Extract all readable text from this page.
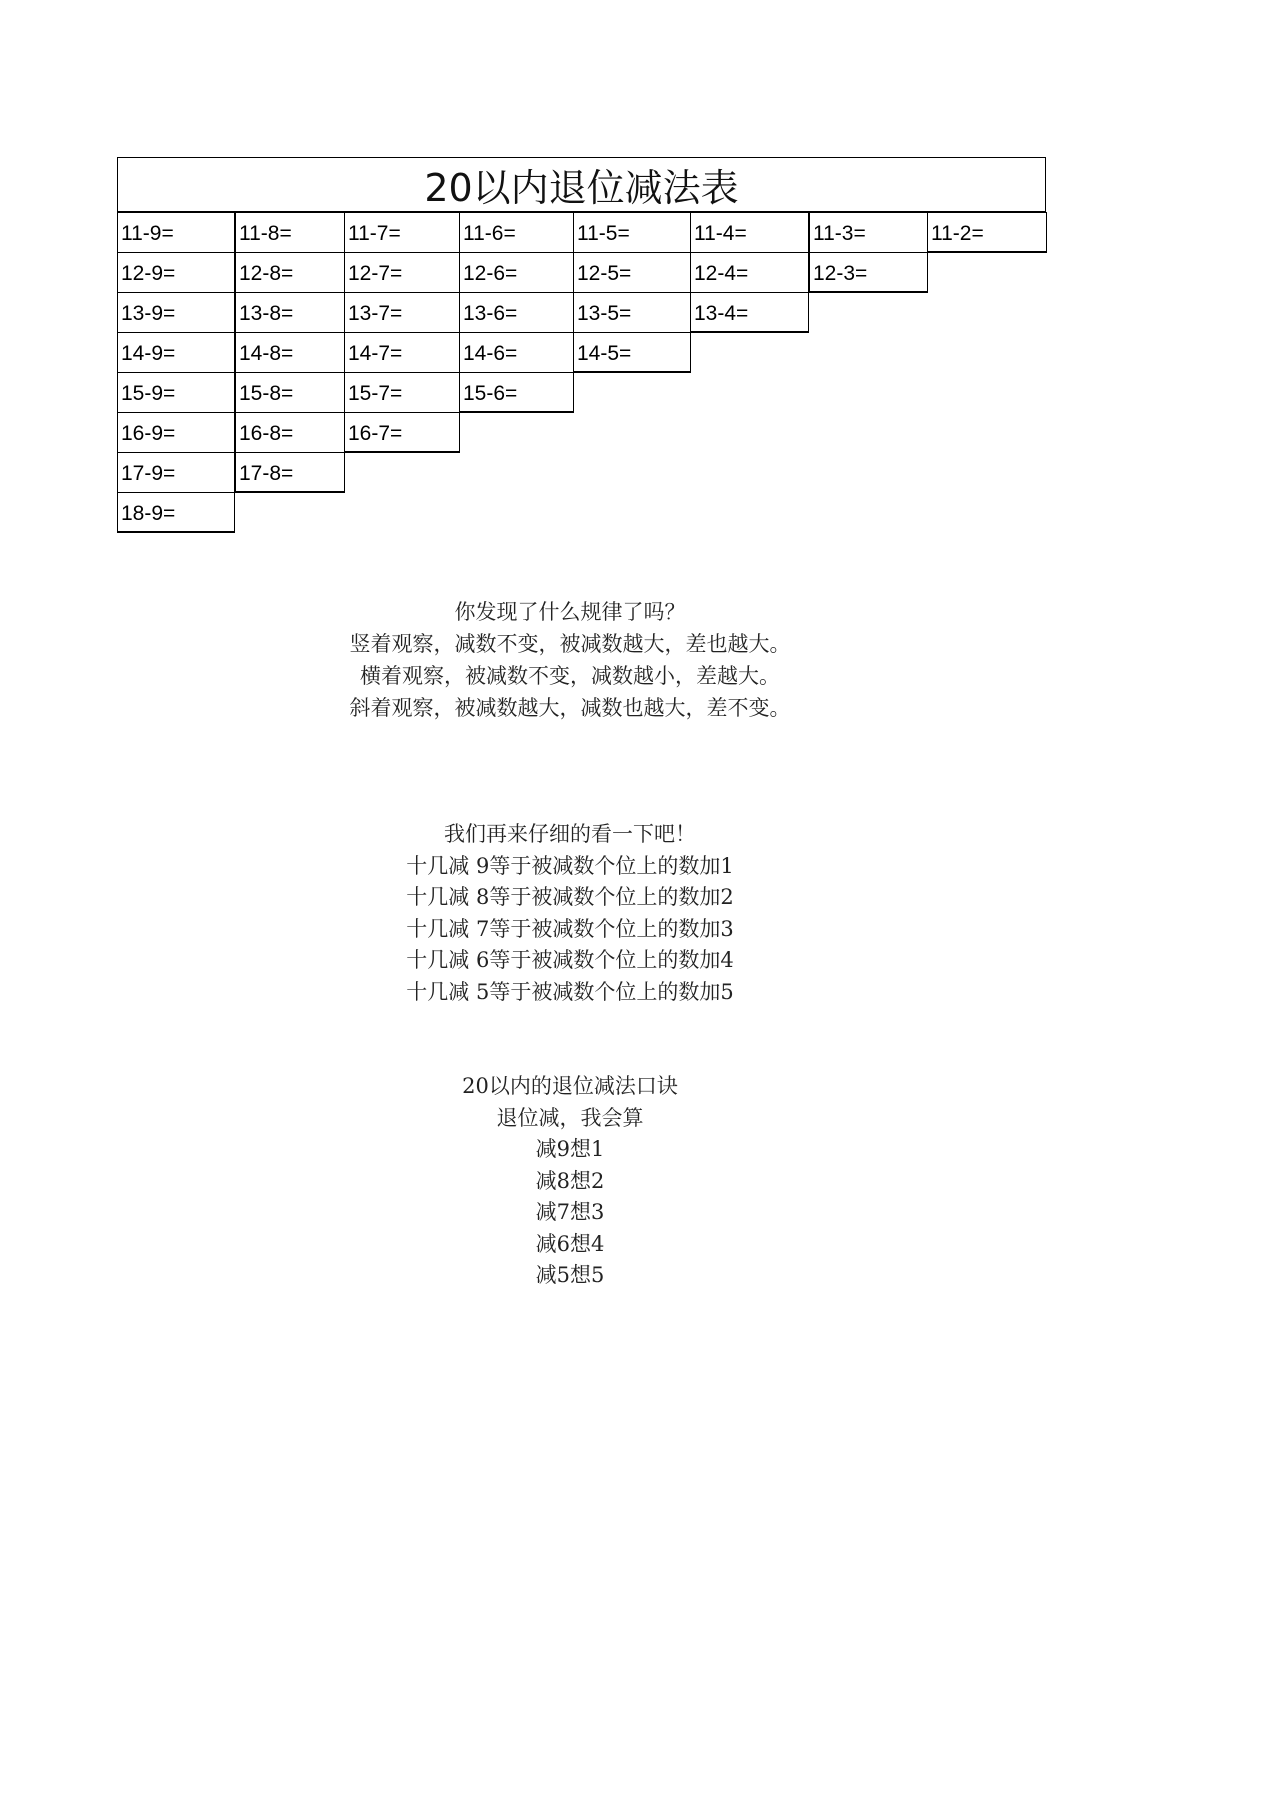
20以内退位减法表
11-9=	11-8=	11-7=	11-6=	11-5=	11-4=	11-3=	11-2=
12-9=	12-8=	12-7=	12-6=	12-5=	12-4=	12-3=
13-9=	13-8=	13-7=	13-6=	13-5=	13-4=
14-9=	14-8=	14-7=	14-6=	14-5=
15-9=	15-8=	15-7=	15-6=
16-9=	16-8=	16-7=
17-9=	17-8=
18-9=
你发现了什么规律了吗？
竖着观察，减数不变，被减数越大，差也越大。
横着观察，被减数不变，减数越小，差越大。
斜着观察，被减数越大，减数也越大，差不变。
我们再来仔细的看一下吧！
十几减 9等于被减数个位上的数加1
十几减 8等于被减数个位上的数加2
十几减 7等于被减数个位上的数加3
十几减 6等于被减数个位上的数加4
十几减 5等于被减数个位上的数加5
20以内的退位减法口诀
退位减，我会算
减9想1
减8想2
减7想3
减6想4
减5想5
